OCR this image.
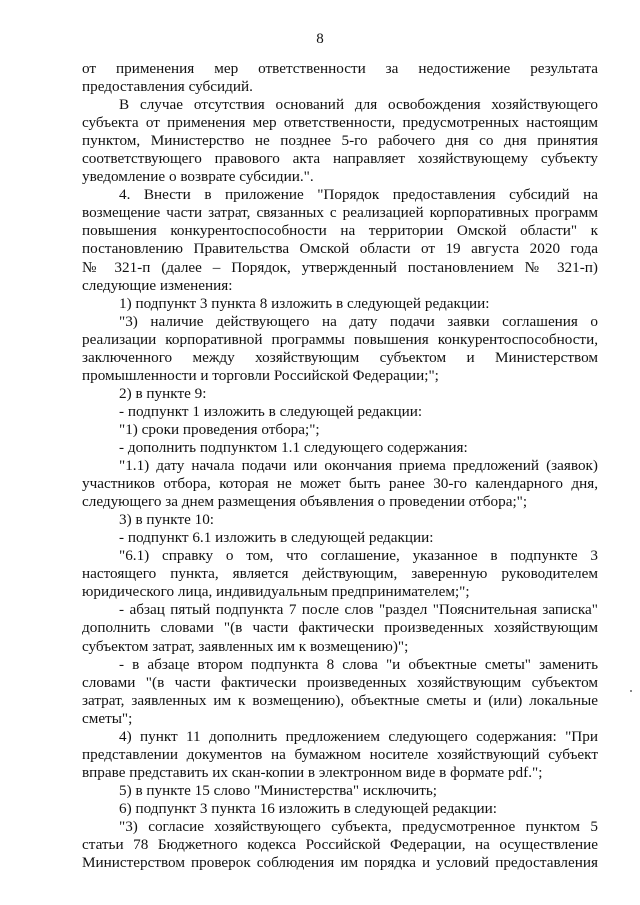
8
от применения мер ответственности за недостижение результата
предоставления субсидий.
В случае отсутствия оснований для освобождения хозяйствующего
субъекта от применения мер ответственности, предусмотренных настоящим
пунктом, Министерство не позднее 5-го рабочего дня со дня принятия
соответствующего правового акта направляет хозяйствующему субъекту
уведомление о возврате субсидии.".
4. Внести в приложение "Порядок предоставления субсидий на
возмещение части затрат, связанных с реализацией корпоративных программ
повышения конкурентоспособности на территории Омской области" к
постановлению Правительства Омской области от 19 августа 2020 года
№ 321-п (далее – Порядок, утвержденный постановлением № 321-п)
следующие изменения:
1) подпункт 3 пункта 8 изложить в следующей редакции:
"3) наличие действующего на дату подачи заявки соглашения о
реализации корпоративной программы повышения конкурентоспособности,
заключенного между хозяйствующим субъектом и Министерством
промышленности и торговли Российской Федерации;";
2) в пункте 9:
- подпункт 1 изложить в следующей редакции:
"1) сроки проведения отбора;";
- дополнить подпунктом 1.1 следующего содержания:
"1.1) дату начала подачи или окончания приема предложений (заявок)
участников отбора, которая не может быть ранее 30-го календарного дня,
следующего за днем размещения объявления о проведении отбора;";
3) в пункте 10:
- подпункт 6.1 изложить в следующей редакции:
"6.1) справку о том, что соглашение, указанное в подпункте 3
настоящего пункта, является действующим, заверенную руководителем
юридического лица, индивидуальным предпринимателем;";
- абзац пятый подпункта 7 после слов "раздел "Пояснительная записка"
дополнить словами "(в части фактически произведенных хозяйствующим
субъектом затрат, заявленных им к возмещению)";
- в абзаце втором подпункта 8 слова "и объектные сметы" заменить
словами "(в части фактически произведенных хозяйствующим субъектом
затрат, заявленных им к возмещению), объектные сметы и (или) локальные
сметы";
4) пункт 11 дополнить предложением следующего содержания: "При
представлении документов на бумажном носителе хозяйствующий субъект
вправе представить их скан-копии в электронном виде в формате pdf.";
5) в пункте 15 слово "Министерства" исключить;
6) подпункт 3 пункта 16 изложить в следующей редакции:
"3) согласие хозяйствующего субъекта, предусмотренное пунктом 5
статьи 78 Бюджетного кодекса Российской Федерации, на осуществление
Министерством проверок соблюдения им порядка и условий предоставления
